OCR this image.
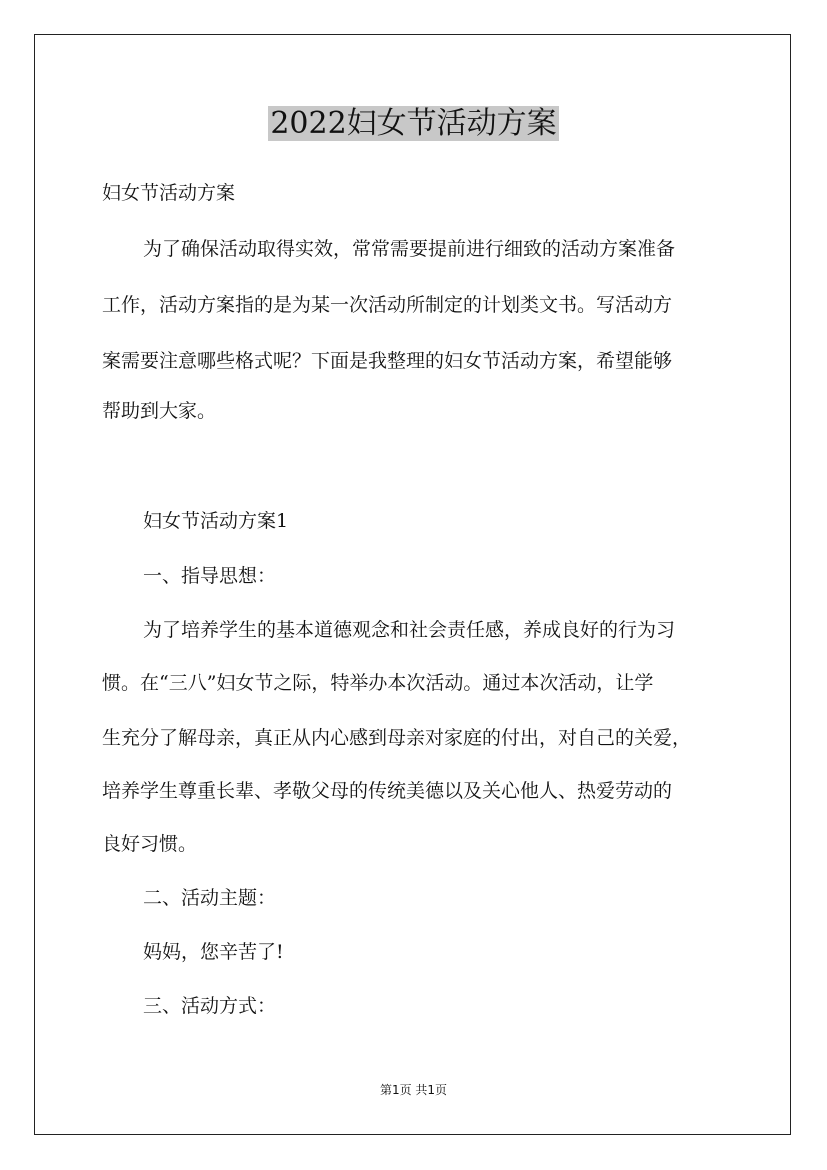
2022妇女节活动方案

妇女节活动方案

为了确保活动取得实效，常常需要提前进行细致的活动方案准备

工作，活动方案指的是为某一次活动所制定的计划类文书。写活动方

案需要注意哪些格式呢？下面是我整理的妇女节活动方案，希望能够

帮助到大家。

妇女节活动方案1

一、指导思想：

为了培养学生的基本道德观念和社会责任感，养成良好的行为习

惯。在“三八”妇女节之际，特举办本次活动。通过本次活动，让学

生充分了解母亲，真正从内心感到母亲对家庭的付出，对自己的关爱，

培养学生尊重长辈、孝敬父母的传统美德以及关心他人、热爱劳动的

良好习惯。

二、活动主题：

妈妈，您辛苦了!

三、活动方式：

第1页 共1页
